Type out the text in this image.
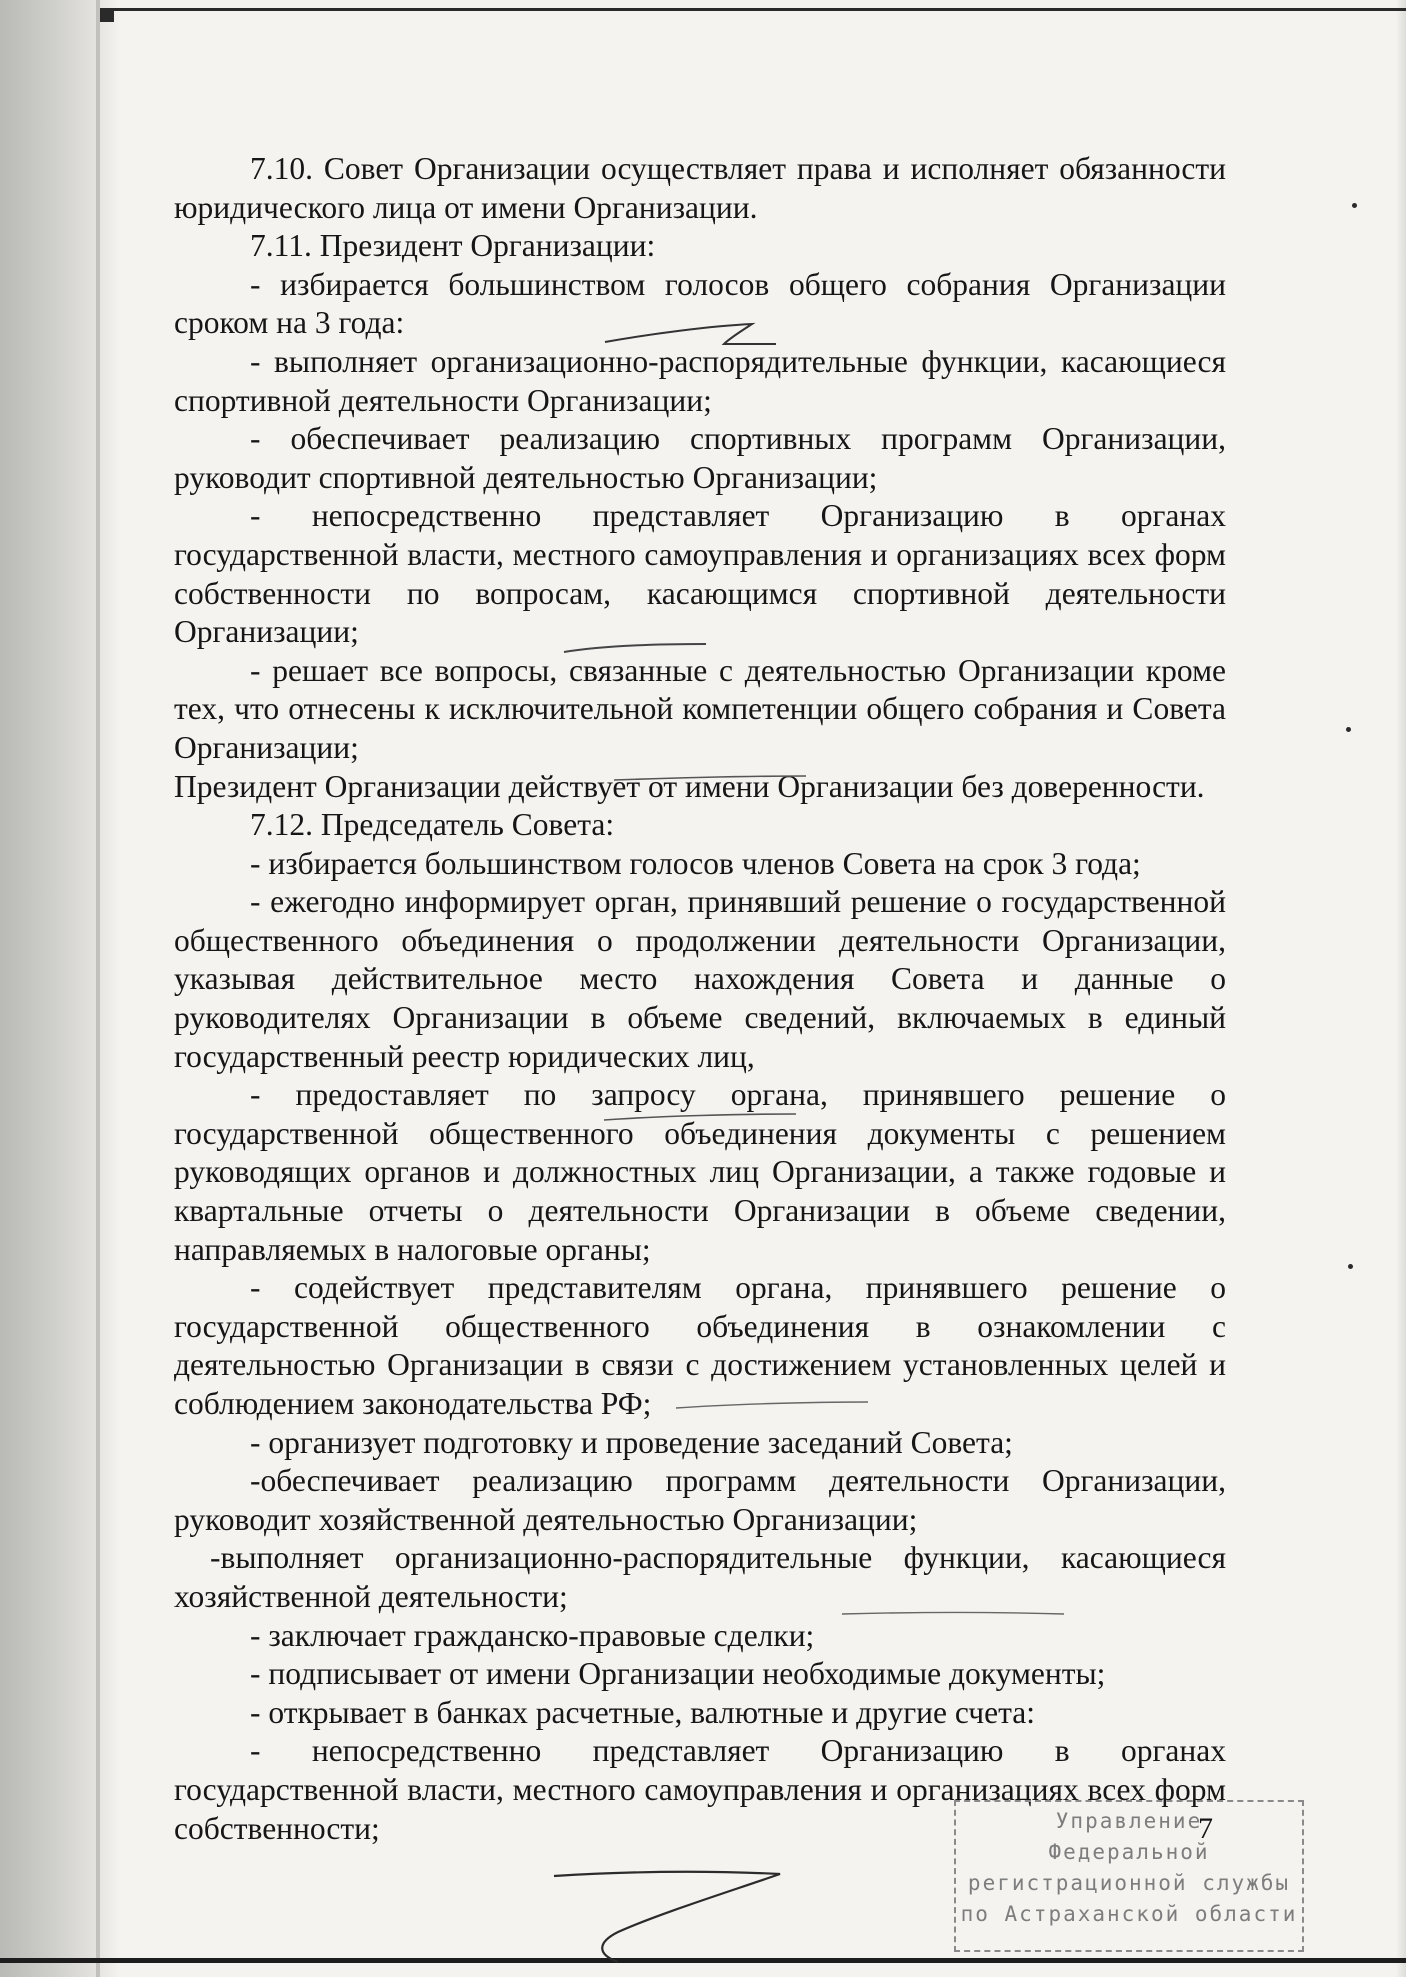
7.10. Совет Организации осуществляет права и исполняет обязанности юридического лица от имени Организации.

7.11. Президент Организации:

- избирается большинством голосов общего собрания Организации сроком на 3 года:

- выполняет организационно-распорядительные функции, касающиеся спортивной деятельности Организации;

- обеспечивает реализацию спортивных программ Организации, руководит спортивной деятельностью Организации;

- непосредственно представляет Организацию в органах государственной власти, местного самоуправления и организациях всех форм собственности по вопросам, касающимся спортивной деятельности Организации;

- решает все вопросы, связанные с деятельностью Организации кроме тех, что отнесены к исключительной компетенции общего собрания и Совета Организации;

Президент Организации действует от имени Организации без доверенности.

7.12. Председатель Совета:

- избирается большинством голосов членов Совета на срок 3 года;

- ежегодно информирует орган, принявший решение о государственной общественного объединения о продолжении деятельности Организации, указывая действительное место нахождения Совета и данные о руководителях Организации в объеме сведений, включаемых в единый государственный реестр юридических лиц,

- предоставляет по запросу органа, принявшего решение о государственной общественного объединения документы с решением руководящих органов и должностных лиц Организации, а также годовые и квартальные отчеты о деятельности Организации в объеме сведении, направляемых в налоговые органы;

- содействует представителям органа, принявшего решение о государственной общественного объединения в ознакомлении с деятельностью Организации в связи с достижением установленных целей и соблюдением законодательства РФ;

- организует подготовку и проведение заседаний Совета;

-обеспечивает реализацию программ деятельности Организации, руководит хозяйственной деятельностью Организации;

-выполняет организационно-распорядительные функции, касающиеся хозяйственной деятельности;

- заключает гражданско-правовые сделки;

- подписывает от имени Организации необходимые документы;

- открывает в банках расчетные, валютные и другие счета:

- непосредственно представляет Организацию в органах государственной власти, местного самоуправления и организациях всех форм собственности;	7
Управление
Федеральной
регистрационной службы
по Астраханской области
